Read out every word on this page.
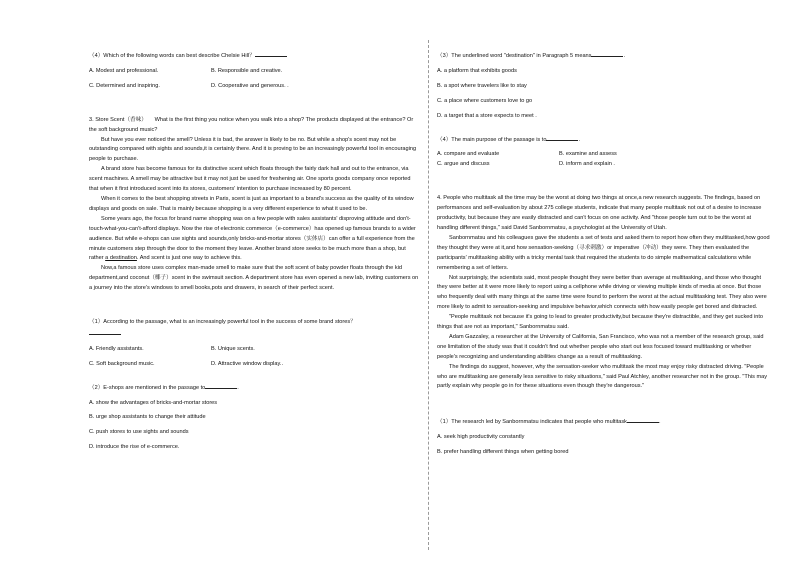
（4）Which of the following words can best describe Chelsie Hill？

A. Modest and professional.	B. Responsible and creative.
C. Determined and inspiring.	D. Cooperative and generous. .

3. Store Scent（香味） What is the first thing you notice when you walk into a shop? The products displayed at the entrance? Or the soft background music?

But have you ever noticed the smell? Unless it is bad, the answer is likely to be no. But while a shop's scent may not be outstanding compared with sights and sounds,it is certainly there. And it is proving to be an increasingly powerful tool in encouraging people to purchase.

A brand store has become famous for its distinctive scent which floats through the fairly dark hall and out to the entrance, via scent machines. A smell may be attractive but it may not just be used for freshening air. One sports goods company once reported that when it first introduced scent into its stores, customers' intention to purchase increased by 80 percent.

When it comes to the best shopping streets in Paris, scent is just as important to a brand's success as the quality of its window displays and goods on sale. That is mainly because shopping is a very different experience to what it used to be.

Some years ago, the focus for brand name shopping was on a few people with sales assistants' disproving attitude and don't-touch-what-you-can't-afford displays. Now the rise of electronic commerce（e-commerce）has opened up famous brands to a wider audience. But while e-shops can use sights and sounds,only bricks-and-mortar stores（实体店）can offer a full experience from the minute customers step through the door to the moment they leave. Another brand store seeks to be much more than a shop, but rather a destination. And scent is just one way to achieve this.

Now,a famous store uses complex man-made smell to make sure that the soft scent of baby powder floats through the kid department,and coconut（椰子）scent in the swimsuit section. A department store has even opened a new lab, inviting customers on a journey into the store's windows to smell books,pots and drawers, in search of their perfect scent.

（1）According to the passage, what is an increasingly powerful tool in the success of some brand stores？

A. Friendly assistants.	B. Unique scents.
C. Soft background music.	D. Attractive window display..

（2）E-shops are mentioned in the passage to	.

A. show the advantages of bricks-and-mortar stores

B. urge shop assistants to change their attitude

C. push stores to use sights and sounds

D. introduce the rise of e-commerce.

（3）The underlined word "destination" in Paragraph 5 means	.

A. a platform that exhibits goods

B. a spot where travelers like to stay

C. a place where customers love to go

D. a target that a store expects to meet .

（4）The main purpose of the passage is to	.

A. compare and evaluate	B. examine and assess
C. argue and discuss	D. inform and explain .

4. People who multitask all the time may be the worst at doing two things at once,a new research suggests. The findings, based on performances and self-evaluation by about 275 college students, indicate that many people multitask not out of a desire to increase productivity, but because they are easily distracted and can't focus on one activity. And "those people turn out to be the worst at handling different things," said David Sanbornmatsu, a psychologist at the University of Utah.

Sanbornmatsu and his colleagues gave the students a set of tests and asked them to report how often they multitasked,how good they thought they were at it,and how sensation-seeking（寻求刺激）or imperative（冲动）they were. They then evaluated the participants' multitasking ability with a tricky mental task that required the students to do simple mathematical calculations while remembering a set of letters.

Not surprisingly, the scientists said, most people thought they were better than average at multitasking, and those who thought they were better at it were more likely to report using a cellphone while driving or viewing multiple kinds of media at once. But those who frequently deal with many things at the same time were found to perform the worst at the actual multitasking test. They also were more likely to admit to sensation-seeking and impulsive behavior,which connects with how easily people get bored and distracted.

"People multitask not because it's going to lead to greater productivity,but because they're distractible, and they get sucked into things that are not as important," Sanbornmatsu said.

Adam Gazzaley, a researcher at the University of California, San Francisco, who was not a member of the research group, said one limitation of the study was that it couldn't find out whether people who start out less focused toward multitasking or whether people's recognizing and understanding abilities change as a result of multitasking.

The findings do suggest, however, why the sensation-seeker who multitask the most may enjoy risky distracted driving. "People who are multitasking are generally less sensitive to risky situations," said Paul Atchley, another researcher not in the group. "This may partly explain why people go in for these situations even though they're dangerous."

（1）The research led by Sanbornmatsu indicates that people who multitask	.

A. seek high productivity constantly

B. prefer handling different things when getting bored
